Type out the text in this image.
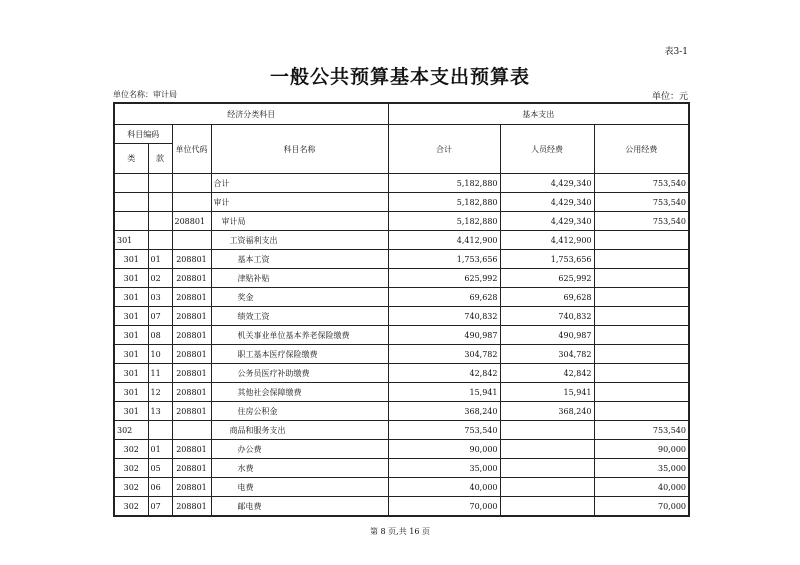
表3-1
一般公共预算基本支出预算表
单位名称：审计局	单位：元
经济分类科目				基本支出		
科目编码		单位代码	科目名称	合计	人员经费	公用经费
类	款					
			合计	5,182,880	4,429,340	753,540
			审计	5,182,880	4,429,340	753,540
		208801	审计局	5,182,880	4,429,340	753,540
301			工资福利支出	4,412,900	4,412,900	
301	01	208801	基本工资	1,753,656	1,753,656	
301	02	208801	津贴补贴	625,992	625,992	
301	03	208801	奖金	69,628	69,628	
301	07	208801	绩效工资	740,832	740,832	
301	08	208801	机关事业单位基本养老保险缴费	490,987	490,987	
301	10	208801	职工基本医疗保险缴费	304,782	304,782	
301	11	208801	公务员医疗补助缴费	42,842	42,842	
301	12	208801	其他社会保障缴费	15,941	15,941	
301	13	208801	住房公积金	368,240	368,240	
302			商品和服务支出	753,540		753,540
302	01	208801	办公费	90,000		90,000
302	05	208801	水费	35,000		35,000
302	06	208801	电费	40,000		40,000
302	07	208801	邮电费	70,000		70,000
第 8 页,共 16 页
